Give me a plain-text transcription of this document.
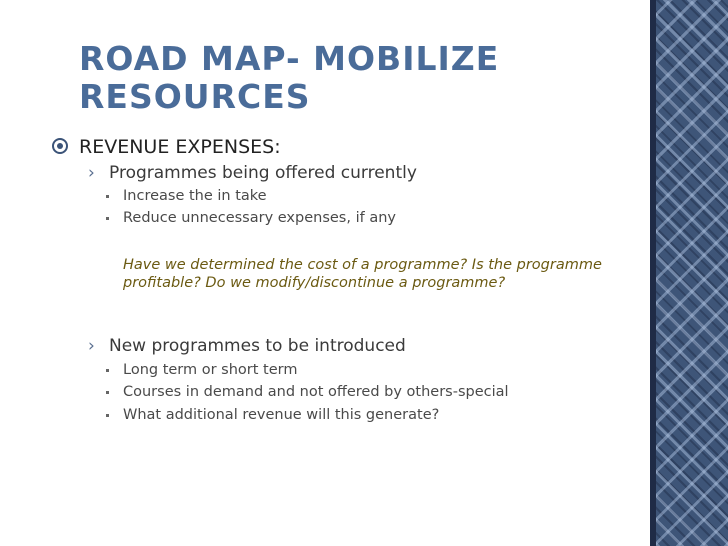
ROAD MAP- MOBILIZE RESOURCES
REVENUE EXPENSES:
› Programmes being offered currently
Increase the in take
Reduce unnecessary expenses, if any
Have we determined the cost of a programme? Is the programme profitable? Do we modify/discontinue a programme?
› New programmes to be introduced
Long term or short term
Courses in demand and not offered by others-special
What additional revenue will this generate?
